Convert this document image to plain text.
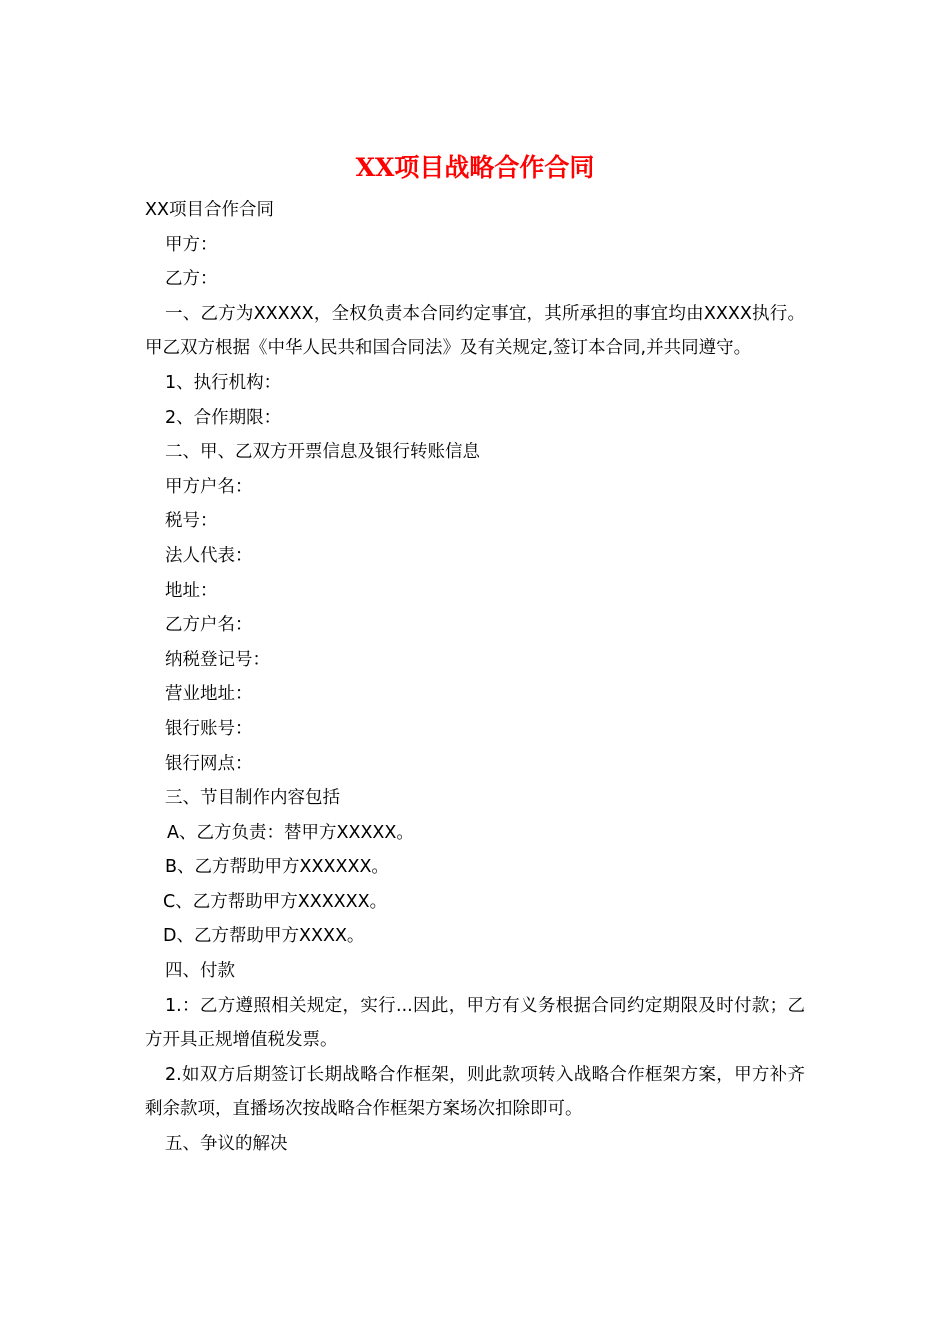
XX项目战略合作合同

XX项目合作合同

甲方：

乙方：

一、乙方为XXXXX，全权负责本合同约定事宜，其所承担的事宜均由XXXX执行。甲乙双方根据《中华人民共和国合同法》及有关规定,签订本合同,并共同遵守。

1、执行机构：

2、合作期限：

二、甲、乙双方开票信息及银行转账信息

甲方户名：

税号：

法人代表：

地址：

乙方户名：

纳税登记号：

营业地址：

银行账号：

银行网点：

三、节目制作内容包括

A、乙方负责：替甲方XXXXX。

B、乙方帮助甲方XXXXXX。

C、乙方帮助甲方XXXXXX。

D、乙方帮助甲方XXXX。

四、付款

1.：乙方遵照相关规定，实行...因此，甲方有义务根据合同约定期限及时付款；乙方开具正规增值税发票。

2.如双方后期签订长期战略合作框架，则此款项转入战略合作框架方案，甲方补齐剩余款项，直播场次按战略合作框架方案场次扣除即可。

五、争议的解决
